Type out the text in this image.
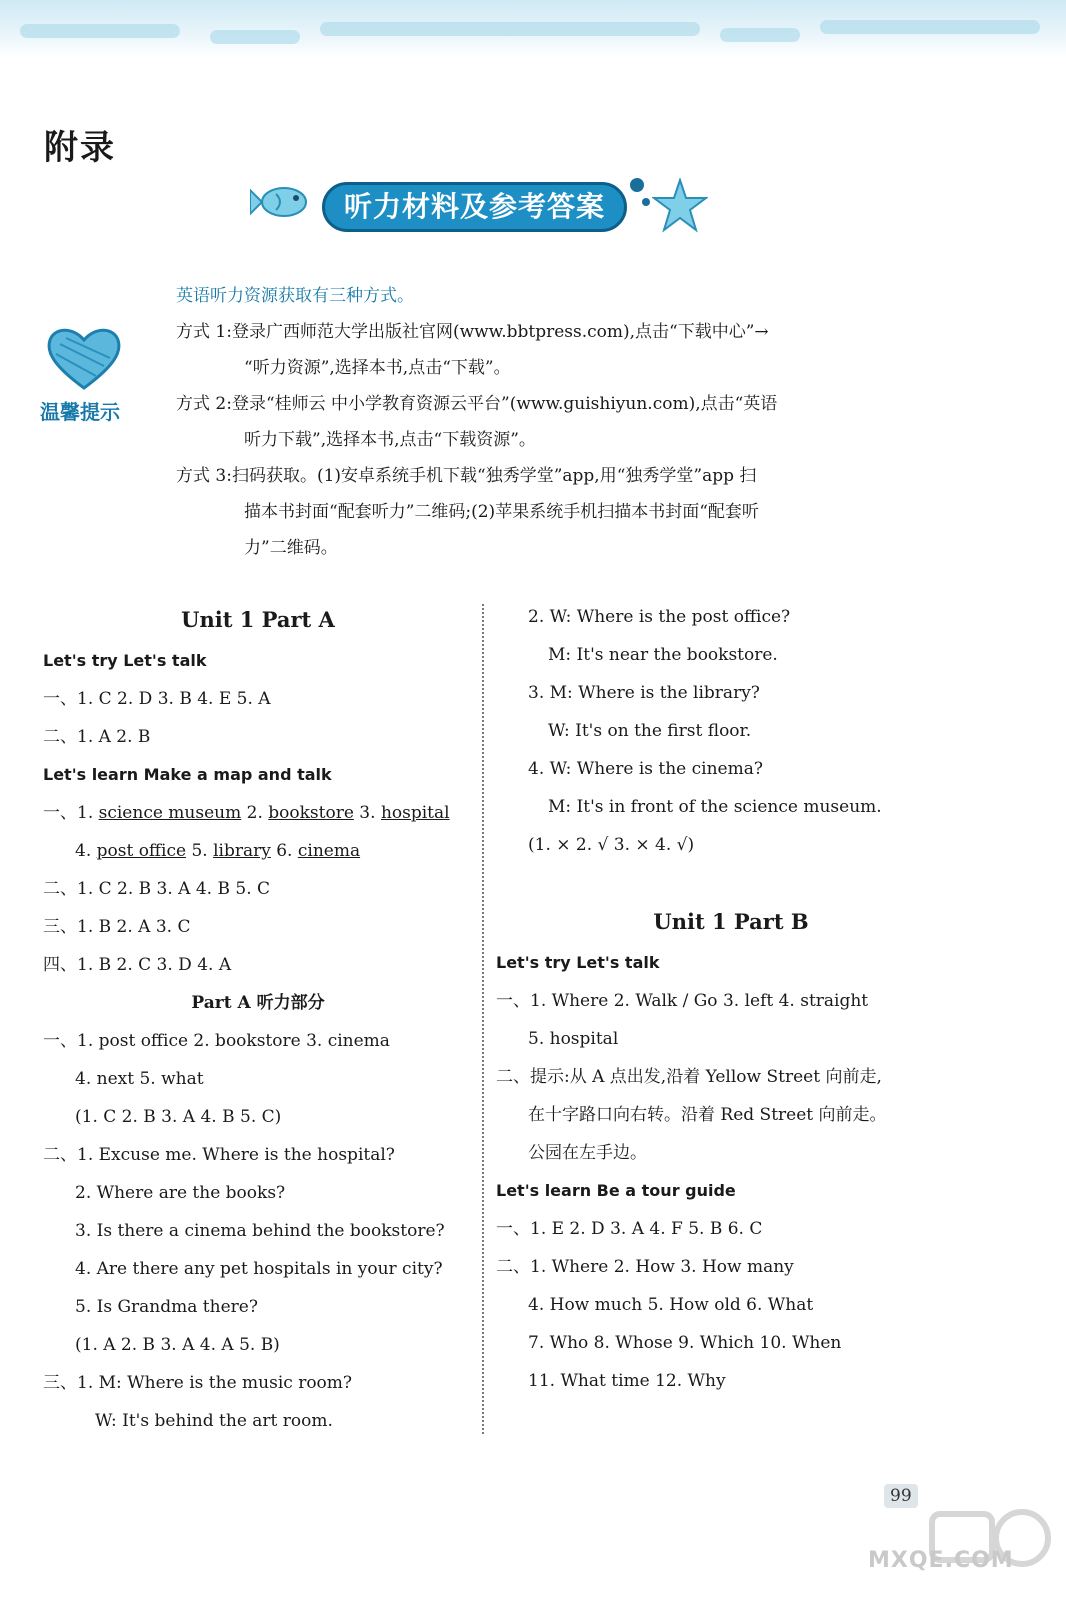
附录
听力材料及参考答案
温馨提示

英语听力资源获取有三种方式。

方式 1:登录广西师范大学出版社官网(www.bbtpress.com),点击“下载中心”→

“听力资源”,选择本书,点击“下载”。

方式 2:登录“桂师云 中小学教育资源云平台”(www.guishiyun.com),点击“英语

听力下载”,选择本书,点击“下载资源”。

方式 3:扫码获取。(1)安卓系统手机下载“独秀学堂”app,用“独秀学堂”app 扫

描本书封面“配套听力”二维码;(2)苹果系统手机扫描本书封面“配套听

力”二维码。

Unit 1 Part A
Let's try Let's talk
一、1. C 2. D 3. B 4. E 5. A
二、1. A 2. B
Let's learn Make a map and talk
一、1. science museum 2. bookstore 3. hospital
4. post office 5. library 6. cinema
二、1. C 2. B 3. A 4. B 5. C
三、1. B 2. A 3. C
四、1. B 2. C 3. D 4. A
Part A 听力部分
一、1. post office 2. bookstore 3. cinema
4. next 5. what
(1. C 2. B 3. A 4. B 5. C)
二、1. Excuse me. Where is the hospital?
2. Where are the books?
3. Is there a cinema behind the bookstore?
4. Are there any pet hospitals in your city?
5. Is Grandma there?
(1. A 2. B 3. A 4. A 5. B)
三、1. M: Where is the music room?
W: It's behind the art room.
2. W: Where is the post office?
M: It's near the bookstore.
3. M: Where is the library?
W: It's on the first floor.
4. W: Where is the cinema?
M: It's in front of the science museum.
(1. × 2. √ 3. × 4. √)
Unit 1 Part B
Let's try Let's talk
一、1. Where 2. Walk / Go 3. left 4. straight
5. hospital
二、提示:从 A 点出发,沿着 Yellow Street 向前走,
在十字路口向右转。沿着 Red Street 向前走。
公园在左手边。
Let's learn Be a tour guide
一、1. E 2. D 3. A 4. F 5. B 6. C
二、1. Where 2. How 3. How many
4. How much 5. How old 6. What
7. Who 8. Whose 9. Which 10. When
11. What time 12. Why
99
MXQE.COM
